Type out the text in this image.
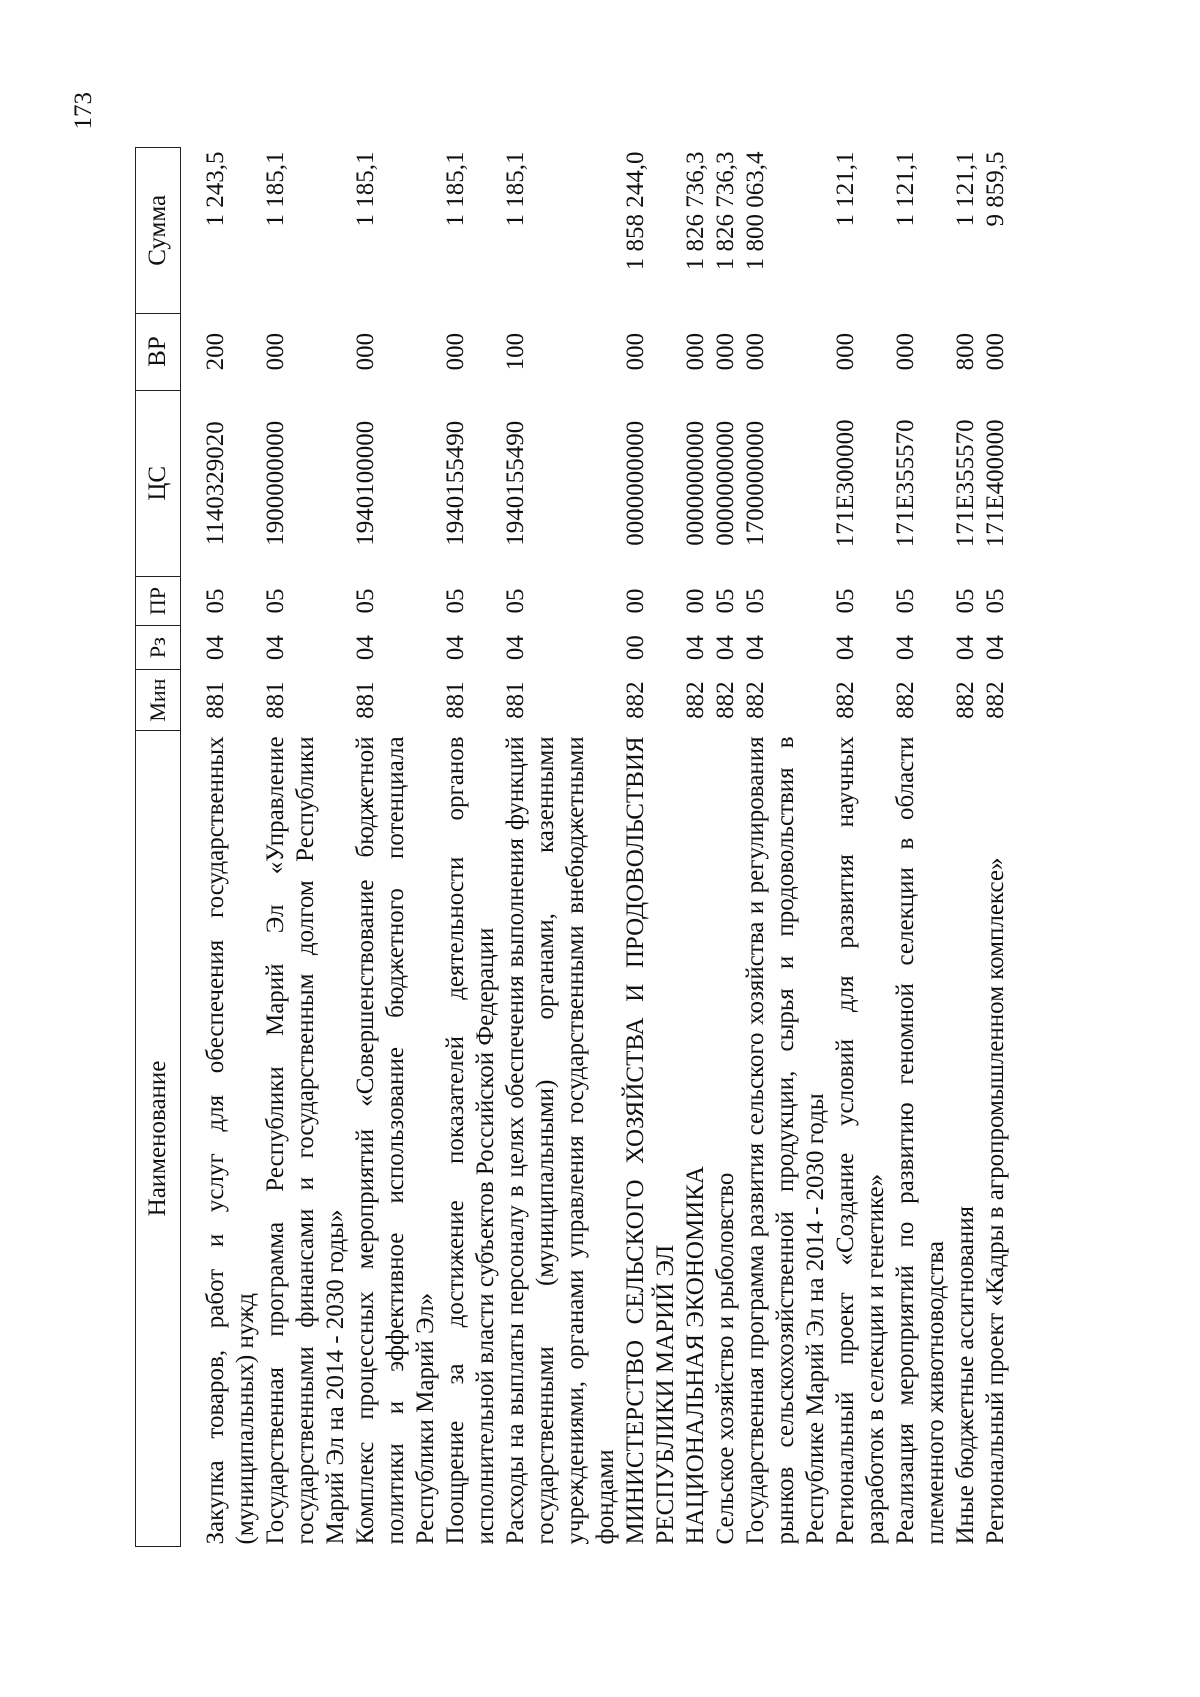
173
Наименование	Мин	Рз	ПР	ЦС	ВР	Сумма
Закупка товаров, работ и услуг для обеспечения государственных (муниципальных) нужд	881	04	05	1140329020	200	1 243,5
Государственная программа Республики Марий Эл «Управление государственными финансами и государственным долгом Республики Марий Эл на 2014 - 2030 годы»	881	04	05	1900000000	000	1 185,1
Комплекс процессных мероприятий «Совершенствование бюджетной политики и эффективное использование бюджетного потенциала Республики Марий Эл»	881	04	05	1940100000	000	1 185,1
Поощрение за достижение показателей деятельности органов исполнительной власти субъектов Российской Федерации	881	04	05	1940155490	000	1 185,1
Расходы на выплаты персоналу в целях обеспечения выполнения функций государственными (муниципальными) органами, казенными учреждениями, органами управления государственными внебюджетными фондами	881	04	05	1940155490	100	1 185,1
МИНИСТЕРСТВО СЕЛЬСКОГО ХОЗЯЙСТВА И ПРОДОВОЛЬСТВИЯ РЕСПУБЛИКИ МАРИЙ ЭЛ	882	00	00	0000000000	000	1 858 244,0
НАЦИОНАЛЬНАЯ ЭКОНОМИКА	882	04	00	0000000000	000	1 826 736,3
Сельское хозяйство и рыболовство	882	04	05	0000000000	000	1 826 736,3
Государственная программа развития сельского хозяйства и регулирования рынков сельскохозяйственной продукции, сырья и продовольствия в Республике Марий Эл на 2014 - 2030 годы	882	04	05	1700000000	000	1 800 063,4
Региональный проект «Создание условий для развития научных разработок в селекции и генетике»	882	04	05	171E300000	000	1 121,1
Реализация мероприятий по развитию геномной селекции в области племенного животноводства	882	04	05	171E355570	000	1 121,1
Иные бюджетные ассигнования	882	04	05	171E355570	800	1 121,1
Региональный проект «Кадры в агропромышленном комплексе»	882	04	05	171E400000	000	9 859,5
